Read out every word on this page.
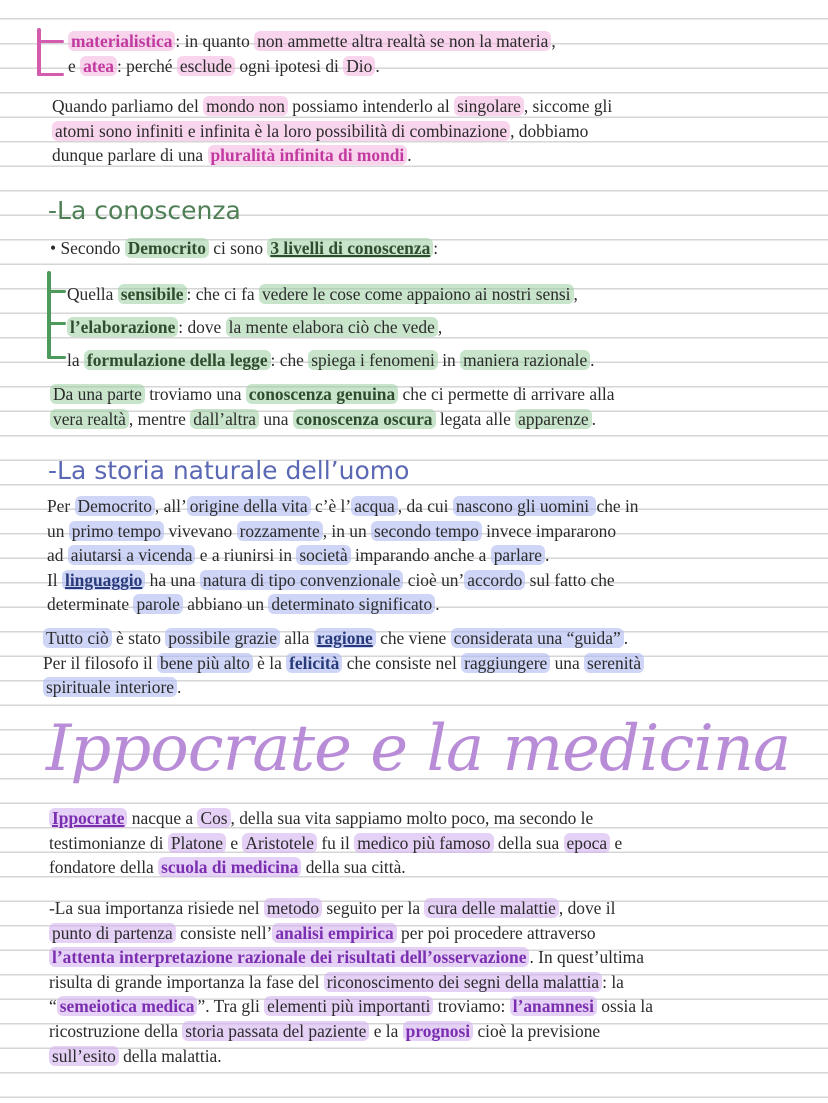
materialistica : in quanto non ammette altra realtà se non la materia ,
e atea : perché esclude ogni ipotesi di Dio .

Quando parliamo del mondo non possiamo intenderlo al singolare , siccome gli
atomi sono infiniti e infinita è la loro possibilità di combinazione , dobbiamo
dunque parlare di una pluralità infinita di mondi .

-La conoscenza

• Secondo Democrito ci sono 3 livelli di conoscenza :

Quella sensibile : che ci fa vedere le cose come appaiono ai nostri sensi ,
l’elaborazione : dove la mente elabora ciò che vede ,
la formulazione della legge : che spiega i fenomeni in maniera razionale .

Da una parte troviamo una conoscenza genuina che ci permette di arrivare alla
vera realtà , mentre dall’altra una conoscenza oscura legata alle apparenze .

-La storia naturale dell’uomo

Per Democrito , all’ origine della vita c’è l’ acqua , da cui nascono gli uomini che in
un primo tempo vivevano rozzamente , in un secondo tempo invece impararono
ad aiutarsi a vicenda e a riunirsi in società imparando anche a parlare .
Il linguaggio ha una natura di tipo convenzionale cioè un’ accordo sul fatto che
determinate parole abbiano un determinato significato .

Tutto ciò è stato possibile grazie alla ragione che viene considerata una “guida” .
Per il filosofo il bene più alto è la felicità che consiste nel raggiungere una serenità
spirituale interiore .

Ippocrate e la medicina

Ippocrate nacque a Cos , della sua vita sappiamo molto poco, ma secondo le
testimonianze di Platone e Aristotele fu il medico più famoso della sua epoca e
fondatore della scuola di medicina della sua città.

-La sua importanza risiede nel metodo seguito per la cura delle malattie , dove il
punto di partenza consiste nell’ analisi empirica per poi procedere attraverso
l’attenta interpretazione razionale dei risultati dell’osservazione . In quest’ultima
risulta di grande importanza la fase del riconoscimento dei segni della malattia : la
“ semeiotica medica ”. Tra gli elementi più importanti troviamo: l’anamnesi ossia la
ricostruzione della storia passata del paziente e la prognosi cioè la previsione
sull’esito della malattia.
